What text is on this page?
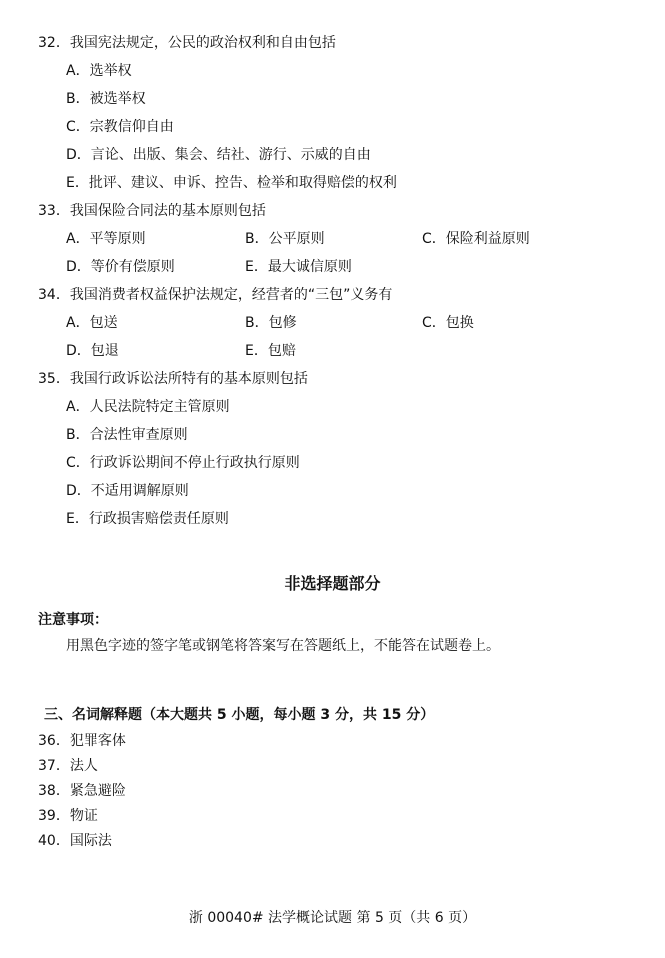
32．我国宪法规定，公民的政治权利和自由包括
A．选举权
B．被选举权
C．宗教信仰自由
D．言论、出版、集会、结社、游行、示威的自由
E．批评、建议、申诉、控告、检举和取得赔偿的权利
33．我国保险合同法的基本原则包括
A．平等原则	B．公平原则	C．保险利益原则
D．等价有偿原则	E．最大诚信原则
34．我国消费者权益保护法规定，经营者的“三包”义务有
A．包送	B．包修	C．包换
D．包退	E．包赔
35．我国行政诉讼法所特有的基本原则包括
A．人民法院特定主管原则
B．合法性审查原则
C．行政诉讼期间不停止行政执行原则
D．不适用调解原则
E．行政损害赔偿责任原则
非选择题部分
注意事项：
用黑色字迹的签字笔或钢笔将答案写在答题纸上，不能答在试题卷上。
三、名词解释题（本大题共 5 小题，每小题 3 分，共 15 分）
36．犯罪客体
37．法人
38．紧急避险
39．物证
40．国际法
浙 00040# 法学概论试题 第 5 页（共 6 页）
